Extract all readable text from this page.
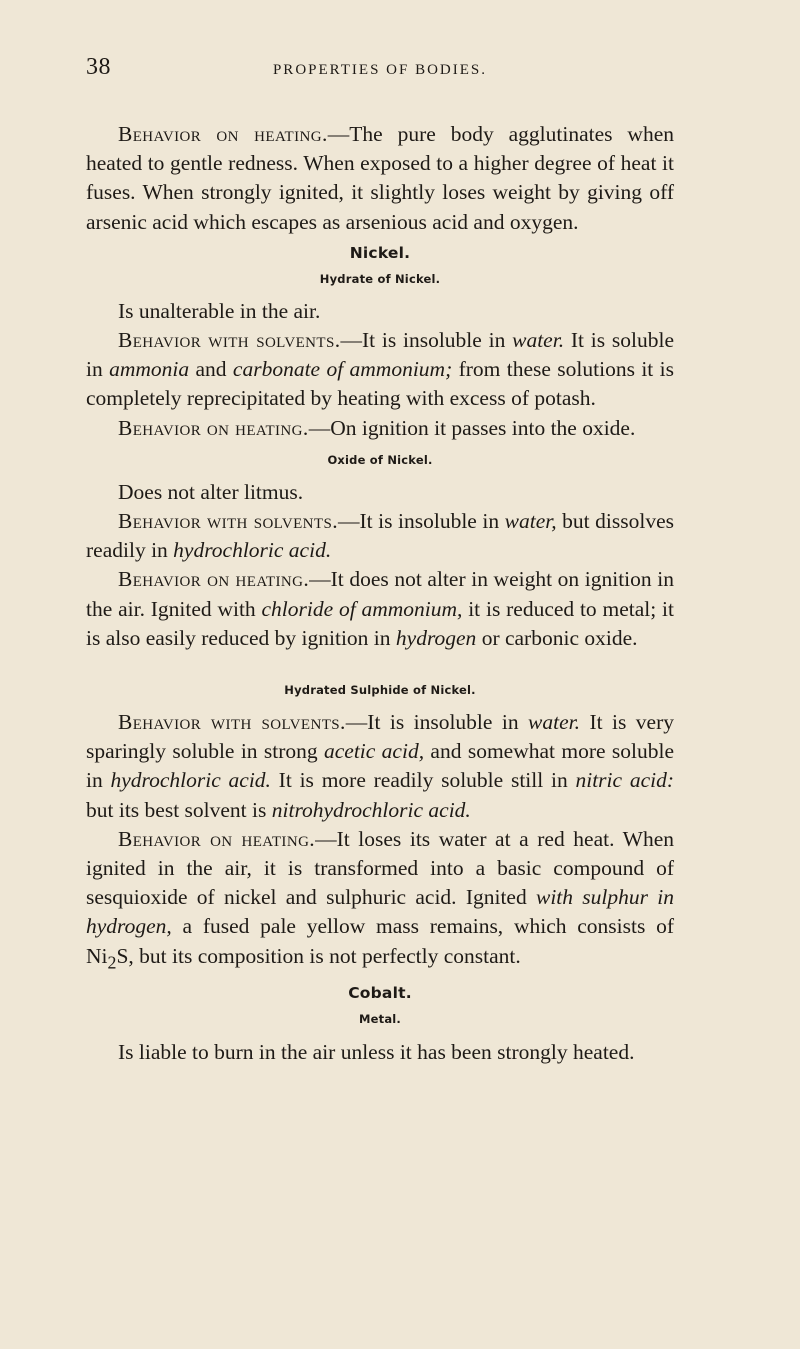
38	PROPERTIES OF BODIES.

Behavior on heating.—The pure body agglutinates when heated to gentle redness. When exposed to a higher degree of heat it fuses. When strongly ignited, it slightly loses weight by giving off arsenic acid which escapes as arsenious acid and oxygen.

Nickel.
Hydrate of Nickel.

Is unalterable in the air.

Behavior with solvents.—It is insoluble in water. It is soluble in ammonia and carbonate of ammonium; from these solutions it is completely reprecipitated by heating with excess of potash.

Behavior on heating.—On ignition it passes into the oxide.

Oxide of Nickel.

Does not alter litmus.

Behavior with solvents.—It is insoluble in water, but dissolves readily in hydrochloric acid.

Behavior on heating.—It does not alter in weight on ignition in the air. Ignited with chloride of ammonium, it is reduced to metal; it is also easily reduced by ignition in hydrogen or carbonic oxide.

Hydrated Sulphide of Nickel.

Behavior with solvents.—It is insoluble in water. It is very sparingly soluble in strong acetic acid, and somewhat more soluble in hydrochloric acid. It is more readily soluble still in nitric acid: but its best solvent is nitrohydrochloric acid.

Behavior on heating.—It loses its water at a red heat. When ignited in the air, it is transformed into a basic compound of sesquioxide of nickel and sulphuric acid. Ignited with sulphur in hydrogen, a fused pale yellow mass remains, which consists of $Ni_2S$, but its composition is not perfectly constant.

Cobalt.
Metal.

Is liable to burn in the air unless it has been strongly heated.
